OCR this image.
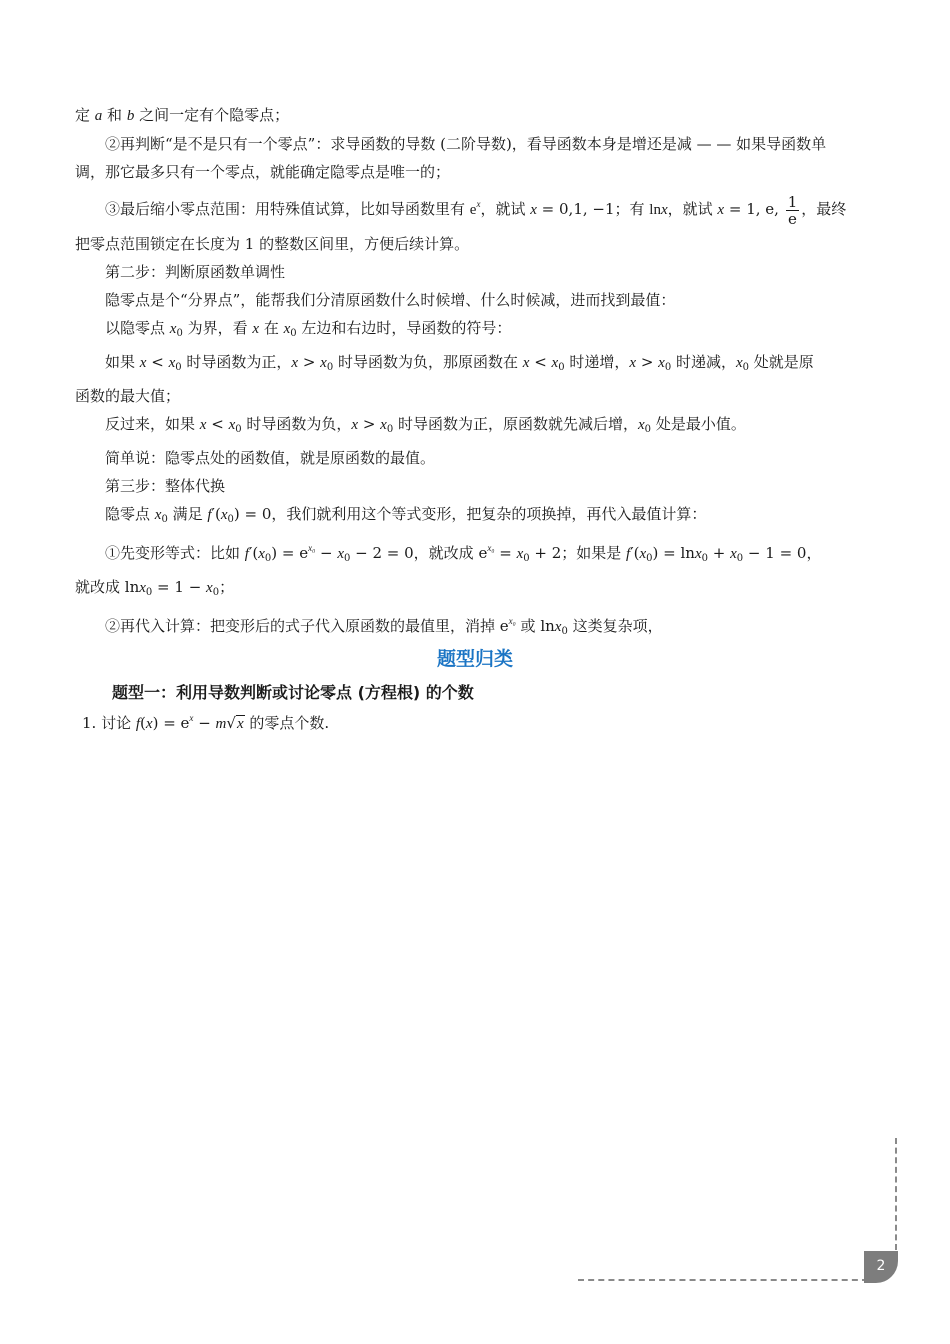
定 a 和 b 之间一定有个隐零点；
②再判断“是不是只有一个零点”：求导函数的导数 (二阶导数)，看导函数本身是增还是减 — — 如果导函数单
调，那它最多只有一个零点，就能确定隐零点是唯一的；
③最后缩小零点范围：用特殊值试算，比如导函数里有 $e^x$，就试 x = 0,1, −1；有 lnx，就试 x = 1, e, $\frac{1}{e}$ ，最终
把零点范围锁定在长度为 1 的整数区间里，方便后续计算。
第二步：判断原函数单调性
隐零点是个“分界点”，能帮我们分清原函数什么时候增、什么时候减，进而找到最值：
以隐零点 $x_0$ 为界，看 x 在 $x_0$ 左边和右边时，导函数的符号：
如果 $x < x_0$ 时导函数为正，$x > x_0$ 时导函数为负，那原函数在 $x < x_0$ 时递增，$x > x_0$ 时递减，$x_0$ 处就是原
函数的最大值；
反过来，如果 $x < x_0$ 时导函数为负，$x > x_0$ 时导函数为正，原函数就先减后增，$x_0$ 处是最小值。
简单说：隐零点处的函数值，就是原函数的最值。
第三步：整体代换
隐零点 $x_0$ 满足 $f'(x_0) = 0$，我们就利用这个等式变形，把复杂的项换掉，再代入最值计算：
①先变形等式：比如 $f'(x_0) = e^{x_0} - x_0 - 2 = 0$，就改成 $e^{x_0} = x_0 + 2$；如果是 $f'(x_0) = \ln x_0 + x_0 - 1 = 0$，
就改成 $\ln x_0 = 1 - x_0$；
②再代入计算：把变形后的式子代入原函数的最值里，消掉 $e^{x_0}$ 或 lnx$_0$ 这类复杂项，
题型归类
题型一：利用导数判断或讨论零点 (方程根) 的个数
1. 讨论 $f(x) = e^x - m√x$ 的零点个数.
2
